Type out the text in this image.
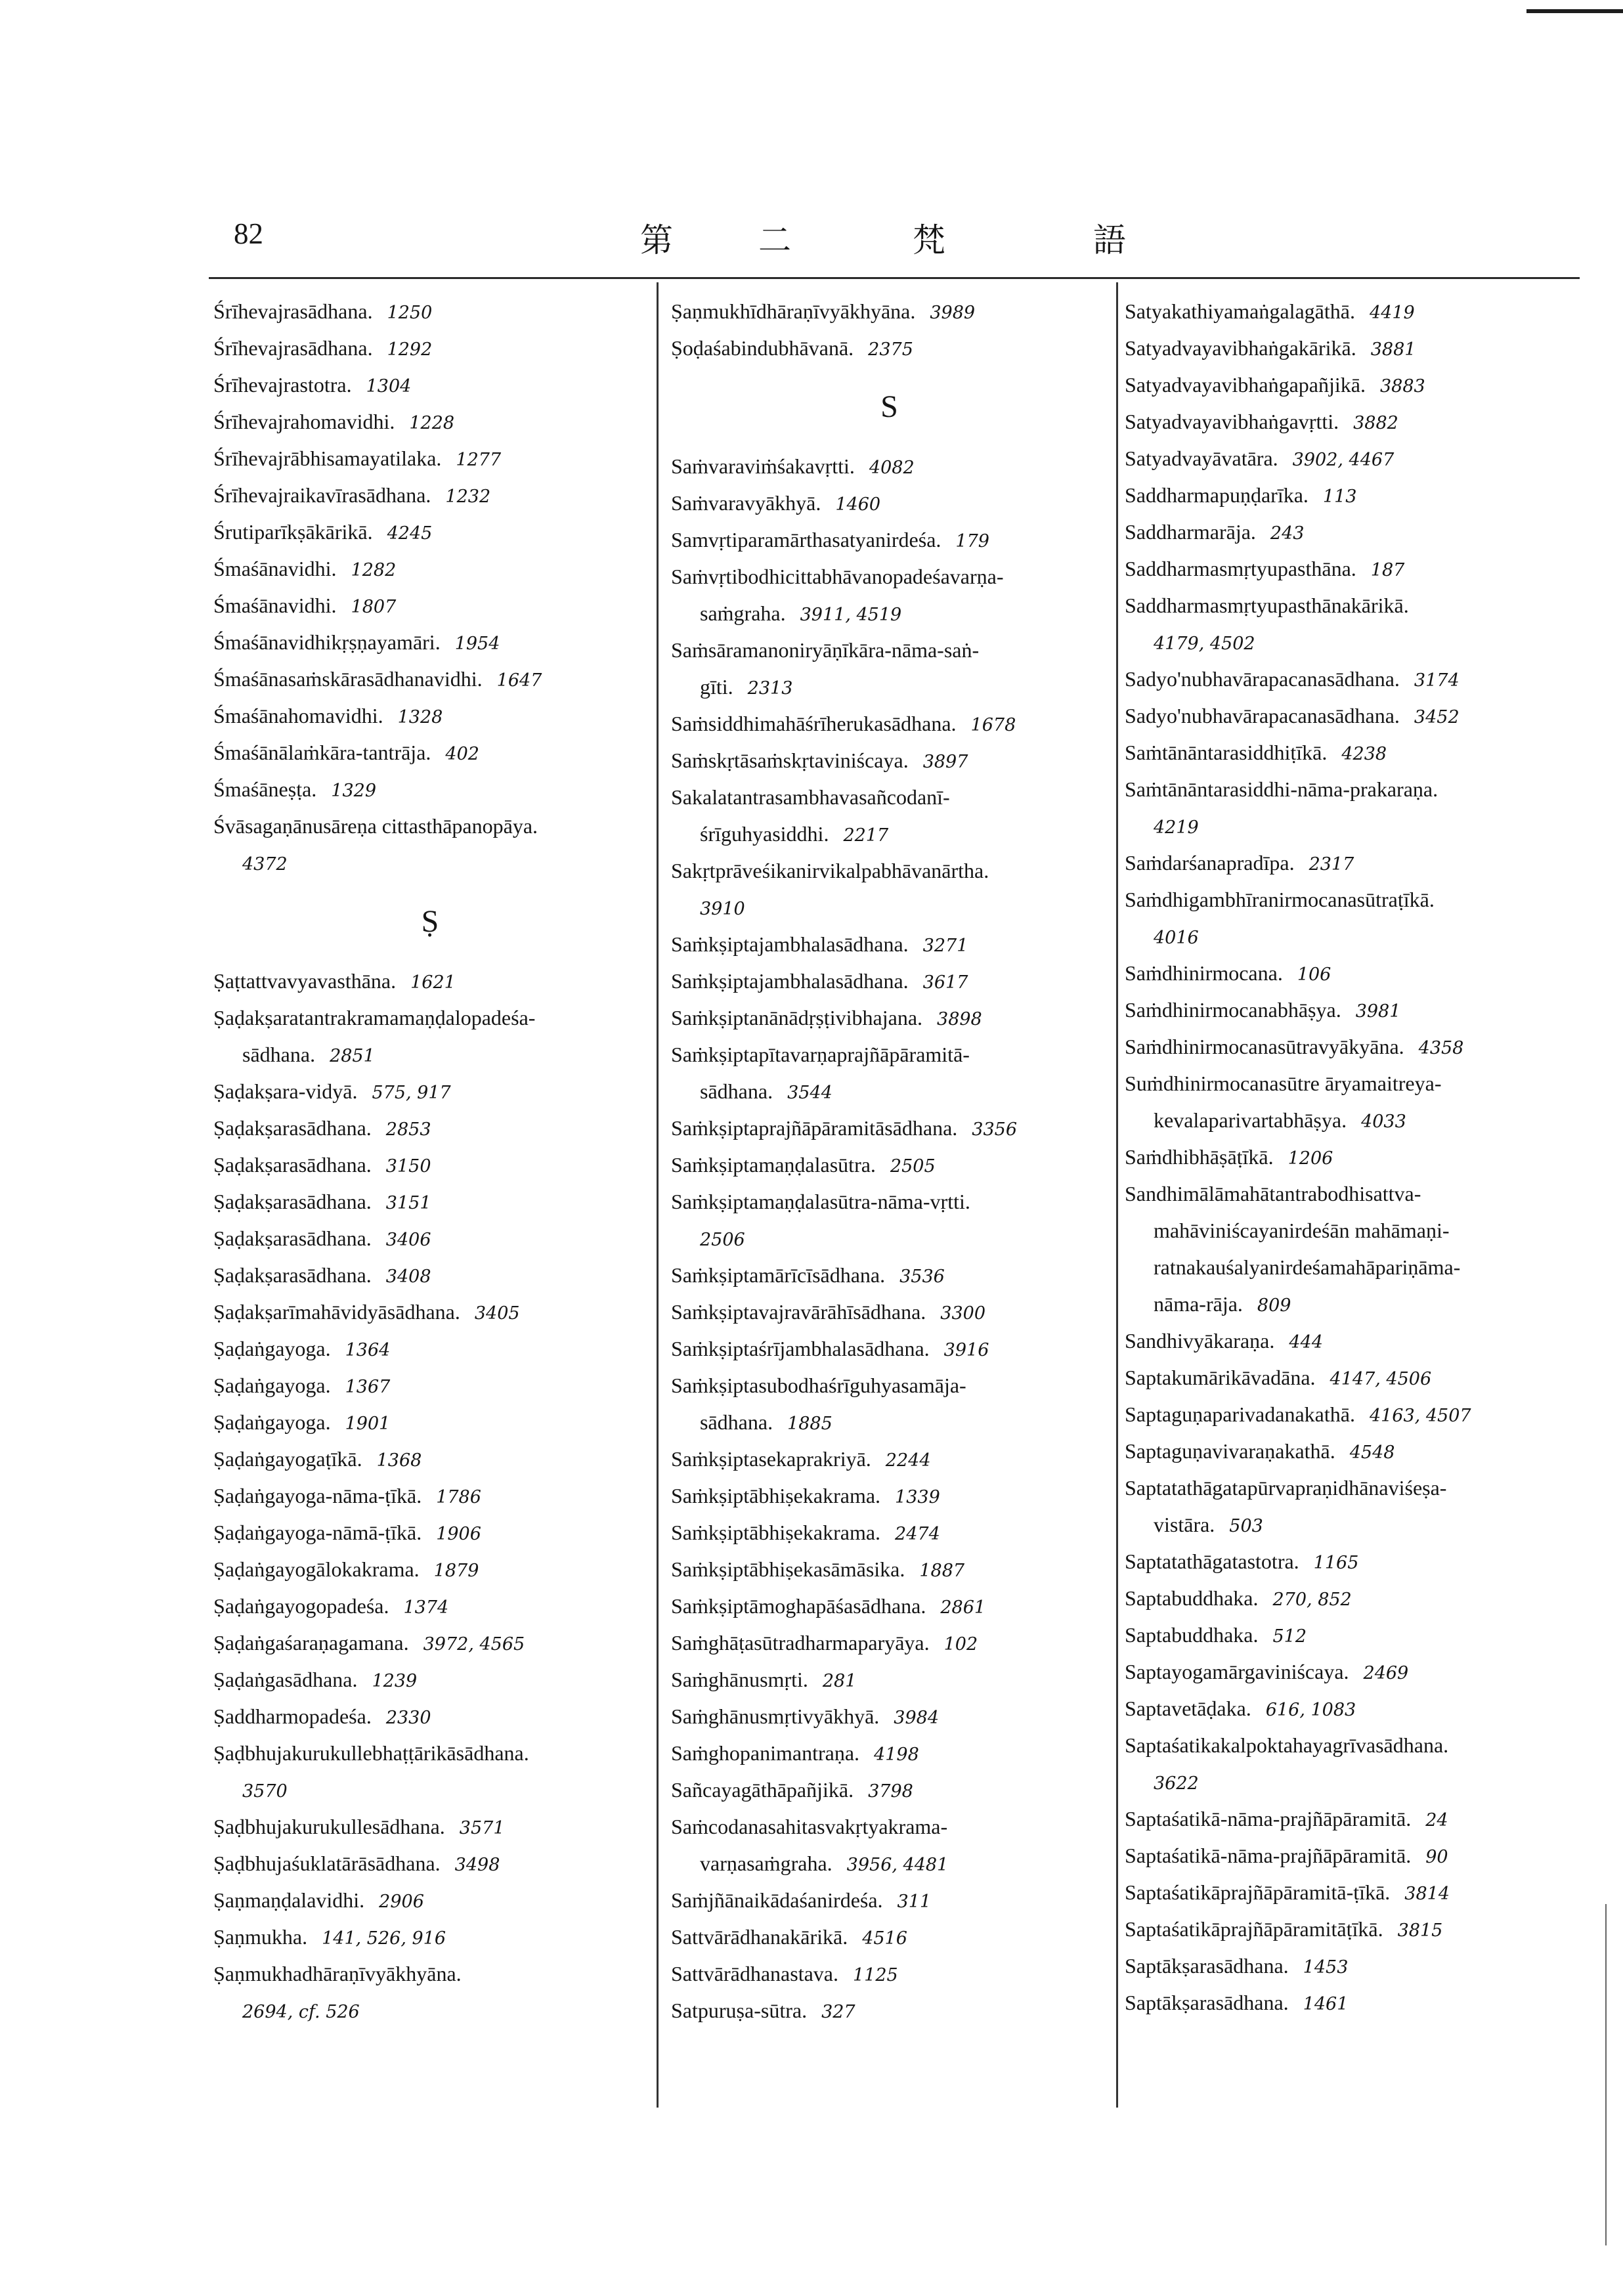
82	第	二	梵	語
Śrīhevajrasādhana. 1250
Śrīhevajrasādhana. 1292
Śrīhevajrastotra. 1304
Śrīhevajrahomavidhi. 1228
Śrīhevajrābhisamayatilaka. 1277
Śrīhevajraikavīrasādhana. 1232
Śrutiparīkṣākārikā. 4245
Śmaśānavidhi. 1282
Śmaśānavidhi. 1807
Śmaśānavidhikṛṣṇayamāri. 1954
Śmaśānasaṁskārasādhanavidhi. 1647
Śmaśānahomavidhi. 1328
Śmaśānālaṁkāra-tantrāja. 402
Śmaśāneṣṭa. 1329
Śvāsagaṇānusāreṇa cittasthāpanopāya.
4372
Ṣ
Ṣaṭtattvavyavasthāna. 1621
Ṣaḍakṣaratantrakramamaṇḍalopadeśa-
sādhana. 2851
Ṣaḍakṣara-vidyā. 575, 917
Ṣaḍakṣarasādhana. 2853
Ṣaḍakṣarasādhana. 3150
Ṣaḍakṣarasādhana. 3151
Ṣaḍakṣarasādhana. 3406
Ṣaḍakṣarasādhana. 3408
Ṣaḍakṣarīmahāvidyāsādhana. 3405
Ṣaḍaṅgayoga. 1364
Ṣaḍaṅgayoga. 1367
Ṣaḍaṅgayoga. 1901
Ṣaḍaṅgayogaṭīkā. 1368
Ṣaḍaṅgayoga-nāma-ṭīkā. 1786
Ṣaḍaṅgayoga-nāmā-ṭīkā. 1906
Ṣaḍaṅgayogālokakrama. 1879
Ṣaḍaṅgayogopadeśa. 1374
Ṣaḍaṅgaśaraṇagamana. 3972, 4565
Ṣaḍaṅgasādhana. 1239
Ṣaddharmopadeśa. 2330
Ṣaḍbhujakurukullebhaṭṭārikāsādhana.
3570
Ṣaḍbhujakurukullesādhana. 3571
Ṣaḍbhujaśuklatārāsādhana. 3498
Ṣaṇmaṇḍalavidhi. 2906
Ṣaṇmukha. 141, 526, 916
Ṣaṇmukhadhāraṇīvyākhyāna.
2694, cf. 526
Ṣaṇmukhīdhāraṇīvyākhyāna. 3989
Ṣoḍaśabindubhāvanā. 2375
S
Saṁvaraviṁśakavṛtti. 4082
Saṁvaravyākhyā. 1460
Samvṛtiparamārthasatyanirdeśa. 179
Saṁvṛtibodhicittabhāvanopadeśavarṇa-
saṁgraha. 3911, 4519
Saṁsāramanoniryāṇīkāra-nāma-saṅ-
gīti. 2313
Saṁsiddhimahāśrīherukasādhana. 1678
Saṁskṛtāsaṁskṛtaviniścaya. 3897
Sakalatantrasambhavasañcodanī-
śrīguhyasiddhi. 2217
Sakṛtprāveśikanirvikalpabhāvanārtha.
3910
Saṁkṣiptajambhalasādhana. 3271
Saṁkṣiptajambhalasādhana. 3617
Saṁkṣiptanānādṛṣṭivibhajana. 3898
Saṁkṣiptapītavarṇaprajñāpāramitā-
sādhana. 3544
Saṁkṣiptaprajñāpāramitāsādhana. 3356
Saṁkṣiptamaṇḍalasūtra. 2505
Saṁkṣiptamaṇḍalasūtra-nāma-vṛtti.
2506
Saṁkṣiptamārīcīsādhana. 3536
Saṁkṣiptavajravārāhīsādhana. 3300
Saṁkṣiptaśrījambhalasādhana. 3916
Saṁkṣiptasubodhaśrīguhyasamāja-
sādhana. 1885
Saṁkṣiptasekaprakriyā. 2244
Saṁkṣiptābhiṣekakrama. 1339
Saṁkṣiptābhiṣekakrama. 2474
Saṁkṣiptābhiṣekasāmāsika. 1887
Saṁkṣiptāmoghapāśasādhana. 2861
Saṁghāṭasūtradharmaparyāya. 102
Saṁghānusmṛti. 281
Saṁghānusmṛtivyākhyā. 3984
Saṁghopanimantraṇa. 4198
Sañcayagāthāpañjikā. 3798
Saṁcodanasahitasvakṛtyakrama-
varṇasaṁgraha. 3956, 4481
Saṁjñānaikādaśanirdeśa. 311
Sattvārādhanakārikā. 4516
Sattvārādhanastava. 1125
Satpuruṣa-sūtra. 327
Satyakathiyamaṅgalagāthā. 4419
Satyadvayavibhaṅgakārikā. 3881
Satyadvayavibhaṅgapañjikā. 3883
Satyadvayavibhaṅgavṛtti. 3882
Satyadvayāvatāra. 3902, 4467
Saddharmapuṇḍarīka. 113
Saddharmarāja. 243
Saddharmasmṛtyupasthāna. 187
Saddharmasmṛtyupasthānakārikā.
4179, 4502
Sadyo'nubhavārapacanasādhana. 3174
Sadyo'nubhavārapacanasādhana. 3452
Saṁtānāntarasiddhiṭīkā. 4238
Saṁtānāntarasiddhi-nāma-prakaraṇa.
4219
Saṁdarśanapradīpa. 2317
Saṁdhigambhīranirmocanasūtraṭīkā.
4016
Saṁdhinirmocana. 106
Saṁdhinirmocanabhāṣya. 3981
Saṁdhinirmocanasūtravyākyāna. 4358
Suṁdhinirmocanasūtre āryamaitreya-
kevalaparivartabhāṣya. 4033
Saṁdhibhāṣāṭīkā. 1206
Sandhimālāmahātantrabodhisattva-
mahāviniścayanirdeśān mahāmaṇi-
ratnakauśalyanirdeśamahāpariṇāma-
nāma-rāja. 809
Sandhivyākaraṇa. 444
Saptakumārikāvadāna. 4147, 4506
Saptaguṇaparivadanakathā. 4163, 4507
Saptaguṇavivaraṇakathā. 4548
Saptatathāgatapūrvapraṇidhānaviśeṣa-
vistāra. 503
Saptatathāgatastotra. 1165
Saptabuddhaka. 270, 852
Saptabuddhaka. 512
Saptayogamārgaviniścaya. 2469
Saptavetāḍaka. 616, 1083
Saptaśatikakalpoktahayagrīvasādhana.
3622
Saptaśatikā-nāma-prajñāpāramitā. 24
Saptaśatikā-nāma-prajñāpāramitā. 90
Saptaśatikāprajñāpāramitā-ṭīkā. 3814
Saptaśatikāprajñāpāramitāṭīkā. 3815
Saptākṣarasādhana. 1453
Saptākṣarasādhana. 1461
